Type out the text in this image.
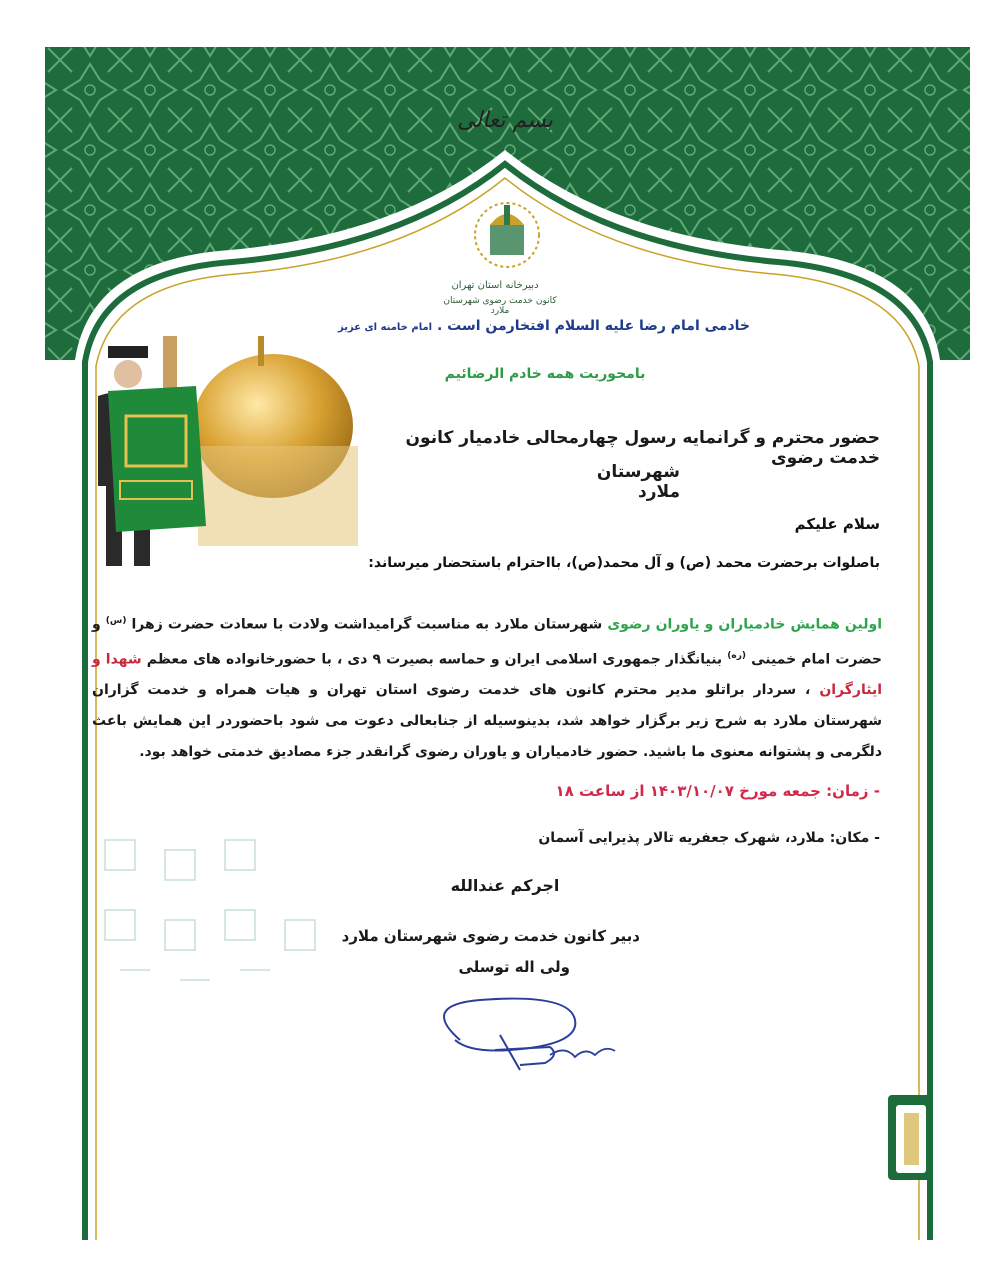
بسم تعالی
دبیرخانه استان تهران
کانون خدمت رضوی شهرستان ملارد
خادمی امام رضا علیه السلام افتخارمن است . امام خامنه ای عزیز
بامحوریت همه خادم الرضائیم
حضور محترم و گرانمایه رسول چهارمحالی خادمیار کانون خدمت رضوی
شهرستان ملارد
سلام علیکم
باصلوات برحضرت محمد (ص) و آل محمد(ص)، بااحترام باستحضار میرساند:
اولین همایش خادمیاران و یاوران رضوی شهرستان ملارد به مناسبت گرامیداشت ولادت با سعادت حضرت زهرا $^{(س)}$ و حضرت امام خمینی $^{(ره)}$ بنیانگذار جمهوری اسلامی ایران و حماسه بصیرت ۹ دی ، با حضورخانواده های معظم شهدا و ایثارگران ، سردار براتلو مدیر محترم کانون های خدمت رضوی استان تهران و هیات همراه و خدمت گزاران شهرستان ملارد به شرح زیر برگزار خواهد شد، بدینوسیله از جنابعالی دعوت می شود باحضوردر این همایش باعث دلگرمی و پشتوانه معنوی ما باشید. حضور خادمیاران و یاوران رضوی گرانقدر جزء مصادیق خدمتی خواهد بود.
- زمان: جمعه مورخ ۱۴۰۳/۱۰/۰۷ از ساعت ۱۸
- مکان: ملارد، شهرک جعفریه تالار پذیرایی آسمان
اجرکم عندالله
دبیر کانون خدمت رضوی شهرستان ملارد
ولی اله توسلی
